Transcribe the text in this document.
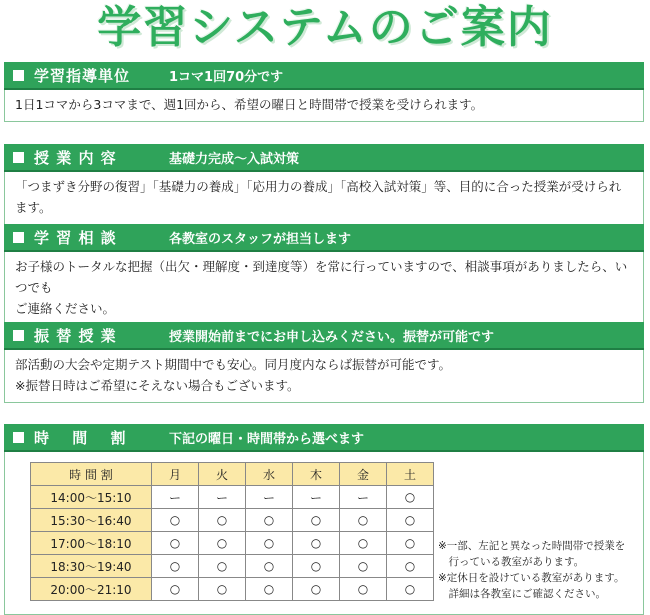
学習システムのご案内
学習指導単位	1コマ1回70分です
1日1コマから3コマまで、週1回から、希望の曜日と時間帯で授業を受けられます。
授 業 内 容	基礎力完成～入試対策
「つまずき分野の復習」「基礎力の養成」「応用力の養成」「高校入試対策」等、目的に合った授業が受けられます。
学 習 相 談	各教室のスタッフが担当します
お子様のトータルな把握（出欠・理解度・到達度等）を常に行っていますので、相談事項がありましたら、いつでも
ご連絡ください。
振 替 授 業	授業開始前までにお申し込みください。振替が可能です
部活動の大会や定期テスト期間中でも安心。同月度内ならば振替が可能です。
※振替日時はご希望にそえない場合もございます。
時　 間　 割	下記の曜日・時間帯から選べます
時 間 割	月	火	水	木	金	土
14:00～15:10	ー	ー	ー	ー	ー	○
15:30～16:40	○	○	○	○	○	○
17:00～18:10	○	○	○	○	○	○
18:30～19:40	○	○	○	○	○	○
20:00～21:10	○	○	○	○	○	○
※一部、左記と異なった時間帯で授業を
　行っている教室があります。
※定休日を設けている教室があります。
　詳細は各教室にご確認ください。
